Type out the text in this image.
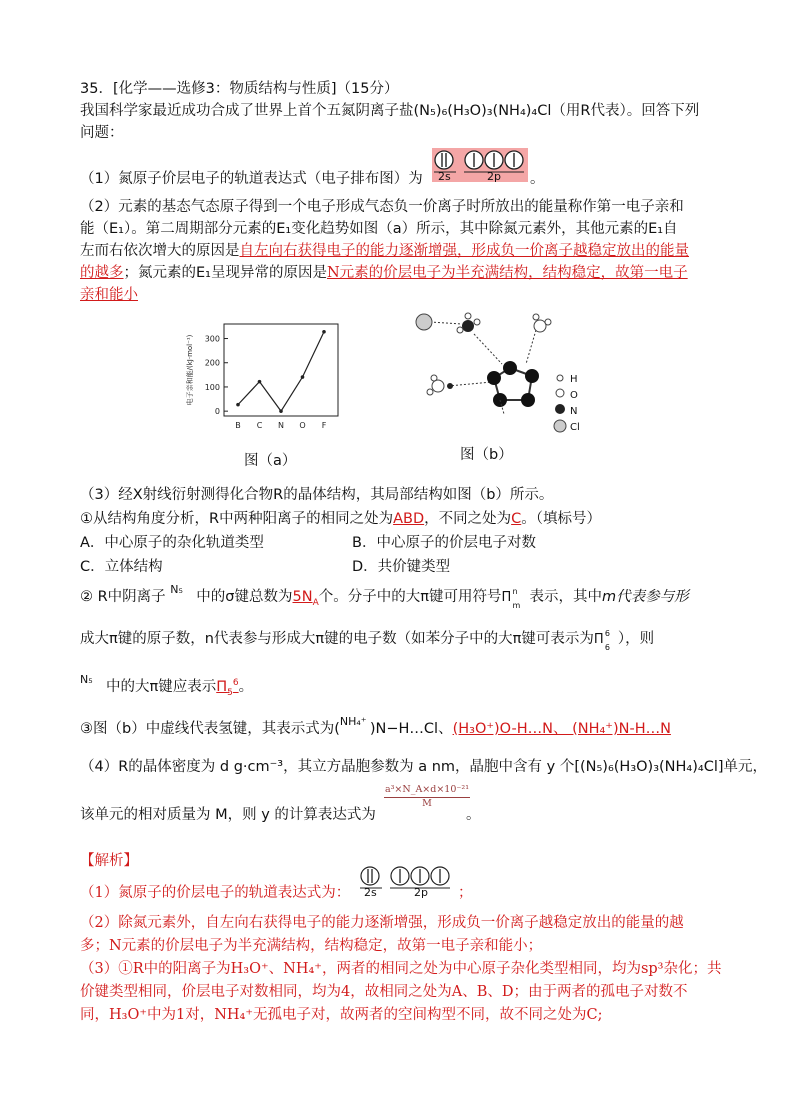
35．[化学——选修3：物质结构与性质]（15分）
我国科学家最近成功合成了世界上首个五氮阴离子盐(N₅)₆(H₃O)₃(NH₄)₄Cl（用R代表）。回答下列
问题：
（1）氮原子价层电子的轨道表达式（电子排布图）为 2s	2p 。
（2）元素的基态气态原子得到一个电子形成气态负一价离子时所放出的能量称作第一电子亲和
能（E₁）。第二周期部分元素的E₁变化趋势如图（a）所示，其中除氮元素外，其他元素的E₁自
左而右依次增大的原因是自左向右获得电子的能力逐渐增强，形成负一价离子越稳定放出的能量
的越多；氮元素的E₁呈现异常的原因是N元素的价层电子为半充满结构，结构稳定，故第一电子
亲和能小
0
100
200
300
B C N O F
电子亲和能/(kJ·mol⁻¹)
图（a）
H
O
N
Cl
图（b）
（3）经X射线衍射测得化合物R的晶体结构，其局部结构如图（b）所示。
①从结构角度分析，R中两种阳离子的相同之处为ABD，不同之处为C。（填标号）
A．中心原子的杂化轨道类型	B．中心原子的价层电子对数
C．立体结构	D．共价键类型
② R中阴离子 N₅ 中的σ键总数为$5N_A$个。分子中的大π键可用符号Π n
m
表示，其中m代表参与形
成大π键的原子数，n代表参与形成大π键的电子数（如苯分子中的大π键可表示为Π 6
6
），则
N₅ 中的大π键应表示$\Pi_5^6$。
③图（b）中虚线代表氢键，其表示式为(NH₄⁺ )N−H…Cl、(H₃O⁺)O-H…N、 (NH₄⁺)N-H…N
（4）R的晶体密度为 d g·cm⁻³，其立方晶胞参数为 a nm，晶胞中含有 y 个[(N₅)₆(H₃O)₃(NH₄)₄Cl]单元，
该单元的相对质量为 M，则 y 的计算表达式为
$\frac{\text{a³×N\_A×d×10⁻²¹}}{M}$
。
【解析】
（1）氮原子的价层电子的轨道表达式为： 2s	2p ；
（2）除氮元素外，自左向右获得电子的能力逐渐增强，形成负一价离子越稳定放出的能量的越
多；N元素的价层电子为半充满结构，结构稳定，故第一电子亲和能小；
（3）①R中的阳离子为H₃O⁺、NH₄⁺，两者的相同之处为中心原子杂化类型相同，均为sp³杂化；共
价键类型相同，价层电子对数相同，均为4，故相同之处为A、B、D；由于两者的孤电子对数不
同，H₃O⁺中为1对，NH₄⁺无孤电子对，故两者的空间构型不同，故不同之处为C;
